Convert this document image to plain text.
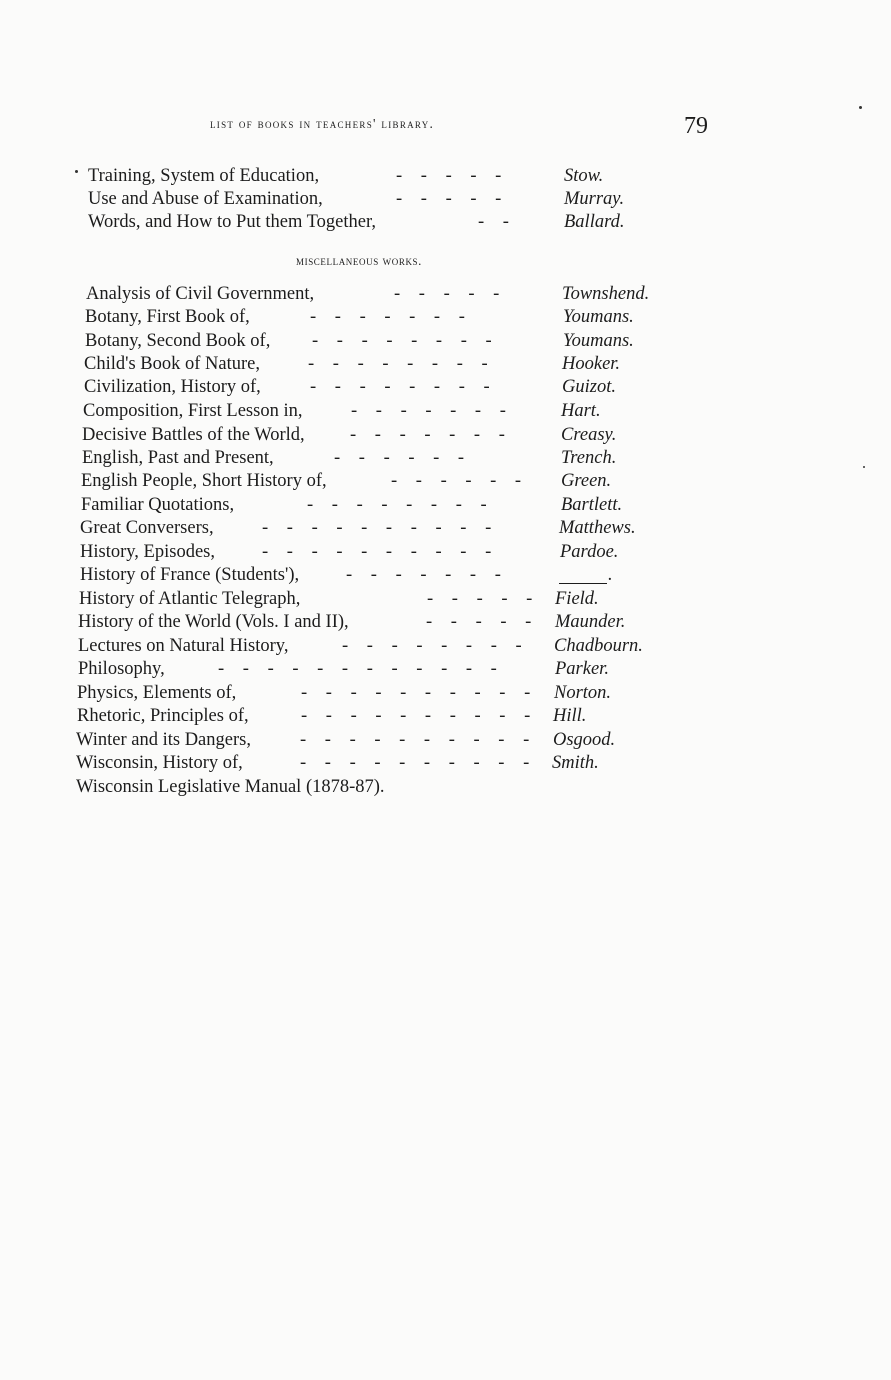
list of books in teachers' library.	79
Training, System of Education,	- - - - -	Stow.
Use and Abuse of Examination,	- - - - -	Murray.
Words, and How to Put them Together,	- -	Ballard.
miscellaneous works.
Analysis of Civil Government,	- - - - -	Townshend.
Botany, First Book of,	- - - - - - -	Youmans.
Botany, Second Book of, - - - - - - - -	Youmans.
Child's Book of Nature,	- - - - - - - -	Hooker.
Civilization, History of,	- - - - - - - -	Guizot.
Composition, First Lesson in,	- - - - - - -	Hart.
Decisive Battles of the World, - - - - - - -	Creasy.
English, Past and Present,	- - - - - -	Trench.
English People, Short History of,	- - - - - - Green.
Familiar Quotations,	- - - - - - - -	Bartlett.
Great Conversers,	- - - - - - - - - -	Matthews.
History, Episodes,	- - - - - - - - - -	Pardoe.
History of France (Students'),	- - - - - - -	.
History of Atlantic Telegraph,	- - - - - Field.
History of the World (Vols. I and II),	- - - - - Maunder.
Lectures on Natural History,	- - - - - - - - Chadbourn.
Philosophy,	- - - - - - - - - - - -	Parker.
Physics, Elements of,	- - - - - - - - - - Norton.
Rhetoric, Principles of,	- - - - - - - - - - Hill.
Winter and its Dangers,	- - - - - - - - - - Osgood.
Wisconsin, History of,	- - - - - - - - - - Smith.
Wisconsin Legislative Manual (1878-87).
